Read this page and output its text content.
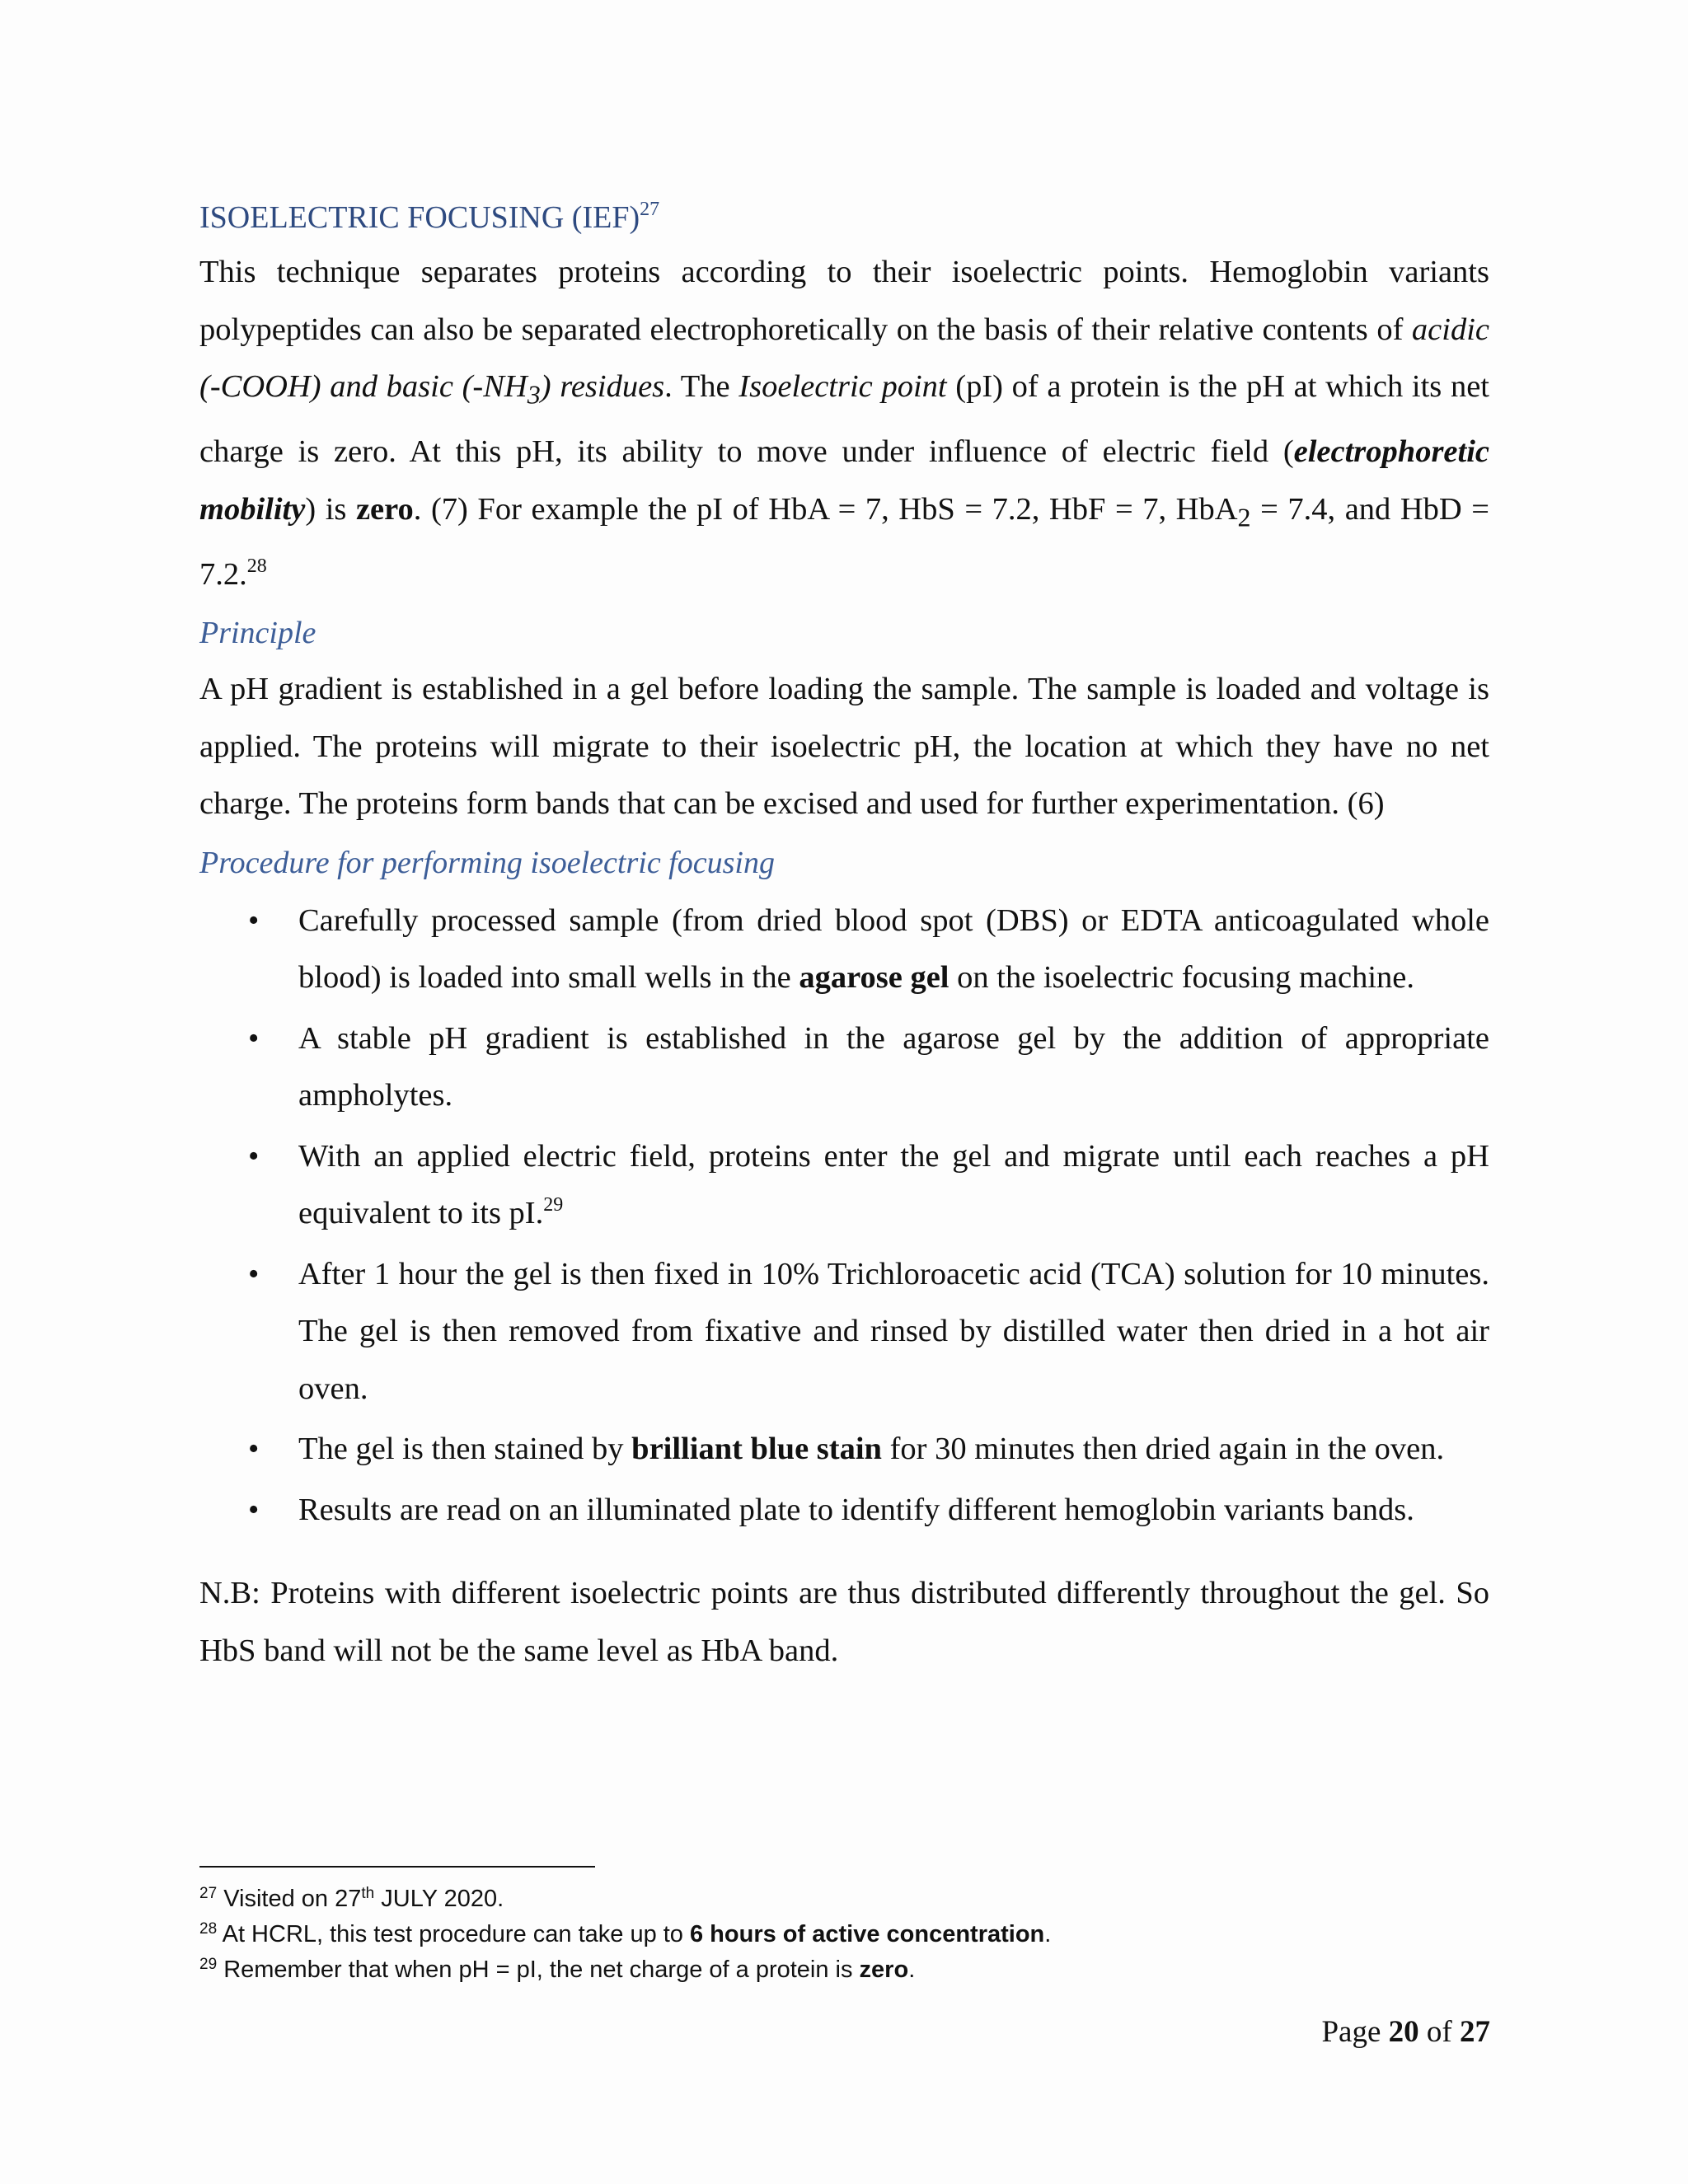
ISOELECTRIC FOCUSING (IEF)$^{27}$

This technique separates proteins according to their isoelectric points. Hemoglobin variants polypeptides can also be separated electrophoretically on the basis of their relative contents of acidic (-COOH) and basic $(-NH_3)$ residues. The Isoelectric point (pI) of a protein is the pH at which its net charge is zero. At this pH, its ability to move under influence of electric field (electrophoretic mobility) is zero. (7) For example the pI of HbA = 7, HbS = 7.2, HbF = 7, HbA$_2$ = 7.4, and HbD = 7.2.28

Principle

A pH gradient is established in a gel before loading the sample. The sample is loaded and voltage is applied. The proteins will migrate to their isoelectric pH, the location at which they have no net charge. The proteins form bands that can be excised and used for further experimentation. (6)

Procedure for performing isoelectric focusing
• Carefully processed sample (from dried blood spot (DBS) or EDTA anticoagulated whole blood) is loaded into small wells in the agarose gel on the isoelectric focusing machine.
• A stable pH gradient is established in the agarose gel by the addition of appropriate ampholytes.
• With an applied electric field, proteins enter the gel and migrate until each reaches a pH equivalent to its pI.$^{29}$
• After 1 hour the gel is then fixed in 10% Trichloroacetic acid (TCA) solution for 10 minutes. The gel is then removed from fixative and rinsed by distilled water then dried in a hot air oven.
• The gel is then stained by brilliant blue stain for 30 minutes then dried again in the oven.
• Results are read on an illuminated plate to identify different hemoglobin variants bands.

N.B: Proteins with different isoelectric points are thus distributed differently throughout the gel. So HbS band will not be the same level as HbA band.

$^{27}$ Visited on 27th JULY 2020.

$^{28}$ At HCRL, this test procedure can take up to 6 hours of active concentration.

$^{29}$ Remember that when pH = pI, the net charge of a protein is zero.

Page 20 of 27
